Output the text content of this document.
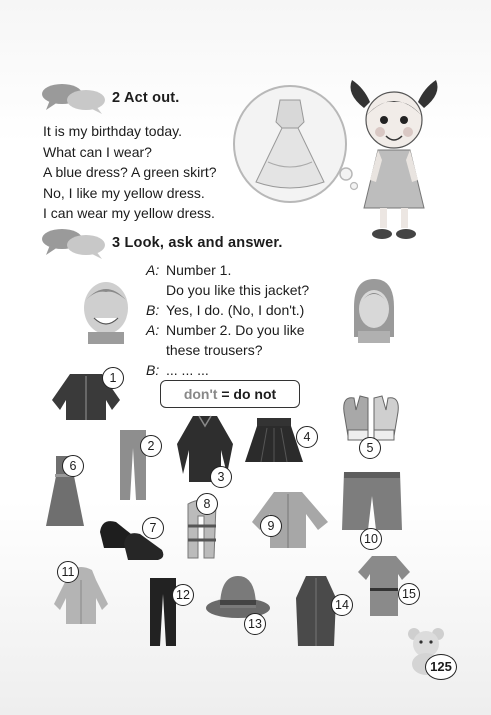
2 Act out.
It is my birthday today.
What can I wear?
A blue dress? A green skirt?
No, I like my yellow dress.
I can wear my yellow dress.
3 Look, ask and answer.
A: Number 1.
Do you like this jacket?
B: Yes, I do. (No, I don't.)
A: Number 2. Do you like
these trousers?
B: ... ... ...
don't = do not
1
2
3
4
5
6
7
8
9
10
11
12
13
14
15
125
